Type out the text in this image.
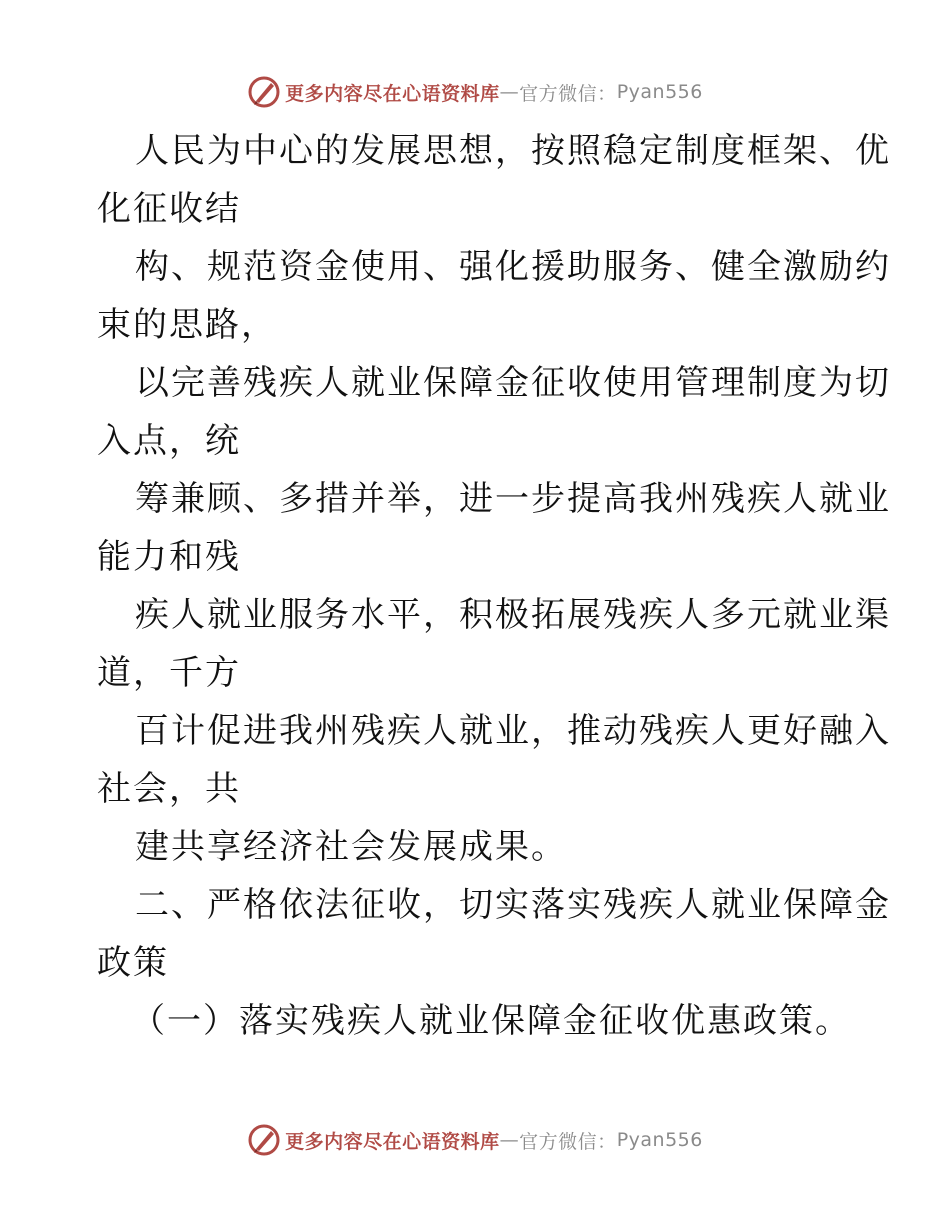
更多内容尽在心语资料库 — 官方微信： Pyan556
人民为中心的发展思想，按照稳定制度框架、优
化征收结
构、规范资金使用、强化援助服务、健全激励约
束的思路，
以完善残疾人就业保障金征收使用管理制度为切
入点，统
筹兼顾、多措并举，进一步提高我州残疾人就业
能力和残
疾人就业服务水平，积极拓展残疾人多元就业渠
道，千方
百计促进我州残疾人就业，推动残疾人更好融入
社会，共
建共享经济社会发展成果。
二、严格依法征收，切实落实残疾人就业保障金
政策
（一）落实残疾人就业保障金征收优惠政策。
更多内容尽在心语资料库 — 官方微信： Pyan556
